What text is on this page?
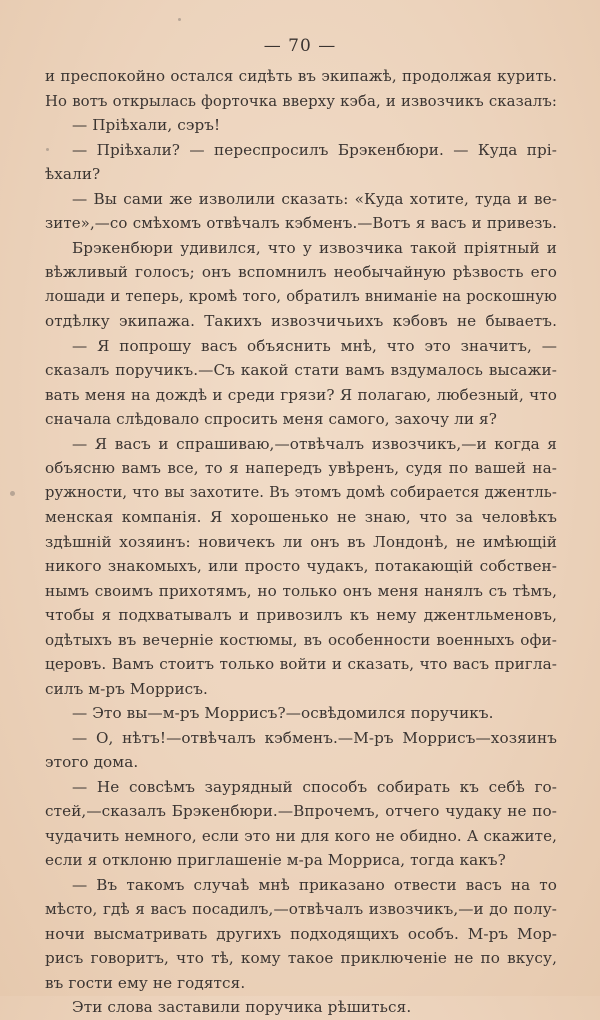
— 70 —
и преспокойно остался сидѣть въ экипажѣ, продолжая курить.
Но вотъ открылась форточка вверху кэба, и извозчикъ сказалъ:
— Пріѣхали, сэръ!
— Пріѣхали? — переспросилъ Брэкенбюри. — Куда прі-
ѣхали?
— Вы сами же изволили сказать: «Куда хотите, туда и ве-
зите»,—со смѣхомъ отвѣчалъ кэбменъ.—Вотъ я васъ и привезъ.
Брэкенбюри удивился, что у извозчика такой пріятный и
вѣжливый голосъ; онъ вспомнилъ необычайную рѣзвость его
лошади и теперь, кромѣ того, обратилъ вниманіе на роскошную
отдѣлку экипажа. Такихъ извозчичьихъ кэбовъ не бываетъ.
— Я попрошу васъ объяснить мнѣ, что это значитъ, —
сказалъ поручикъ.—Съ какой стати вамъ вздумалось высажи-
вать меня на дождѣ и среди грязи? Я полагаю, любезный, что
сначала слѣдовало спросить меня самого, захочу ли я?
— Я васъ и спрашиваю,—отвѣчалъ извозчикъ,—и когда я
объясню вамъ все, то я напередъ увѣренъ, судя по вашей на-
ружности, что вы захотите. Въ этомъ домѣ собирается джентль-
менская компанія. Я хорошенько не знаю, что за человѣкъ
здѣшній хозяинъ: новичекъ ли онъ въ Лондонѣ, не имѣющій
никого знакомыхъ, или просто чудакъ, потакающій собствен-
нымъ своимъ прихотямъ, но только онъ меня нанялъ съ тѣмъ,
чтобы я подхватывалъ и привозилъ къ нему джентльменовъ,
одѣтыхъ въ вечерніе костюмы, въ особенности военныхъ офи-
церовъ. Вамъ стоитъ только войти и сказать, что васъ пригла-
силъ м-ръ Моррисъ.
— Это вы—м-ръ Моррисъ?—освѣдомился поручикъ.
— О, нѣтъ!—отвѣчалъ кэбменъ.—М-ръ Моррисъ—хозяинъ
этого дома.
— Не совсѣмъ заурядный способъ собирать къ себѣ го-
стей,—сказалъ Брэкенбюри.—Впрочемъ, отчего чудаку не по-
чудачить немного, если это ни для кого не обидно. А скажите,
если я отклоню приглашеніе м-ра Морриса, тогда какъ?
— Въ такомъ случаѣ мнѣ приказано отвести васъ на то
мѣсто, гдѣ я васъ посадилъ,—отвѣчалъ извозчикъ,—и до полу-
ночи высматривать другихъ подходящихъ особъ. М-ръ Мор-
рисъ говоритъ, что тѣ, кому такое приключеніе не по вкусу,
въ гости ему не годятся.
Эти слова заставили поручика рѣшиться.
